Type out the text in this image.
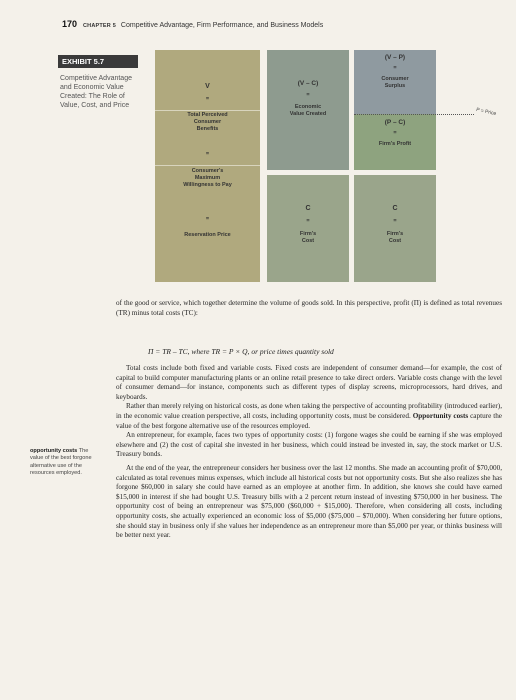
170 CHAPTER 5 Competitive Advantage, Firm Performance, and Business Models
EXHIBIT 5.7
Competitive Advantage and Economic Value Created: The Role of Value, Cost, and Price
V
=
Total Perceived Consumer Benefits
=
Consumer's Maximum Willingness to Pay
=
Reservation Price
(V – C)
=
Economic Value Created
C
=
Firm's Cost
(V – P)
=
Consumer Surplus
(P – C)
=
Firm's Profit
C
=
Firm's Cost
P = Price
of the good or service, which together determine the volume of goods sold. In this perspective, profit (Π) is defined as total revenues (TR) minus total costs (TC):
Π = TR – TC, where TR = P × Q, or price times quantity sold

Total costs include both fixed and variable costs. Fixed costs are independent of consumer demand—for example, the cost of capital to build computer manufacturing plants or an online retail presence to take direct orders. Variable costs change with the level of consumer demand—for instance, components such as different types of display screens, microprocessors, hard drives, and keyboards.

Rather than merely relying on historical costs, as done when taking the perspective of accounting profitability (introduced earlier), in the economic value creation perspective, all costs, including opportunity costs, must be considered. Opportunity costs capture the value of the best forgone alternative use of the resources employed.

An entrepreneur, for example, faces two types of opportunity costs: (1) forgone wages she could be earning if she was employed elsewhere and (2) the cost of capital she invested in her business, which could instead be invested in, say, the stock market or U.S. Treasury bonds.

At the end of the year, the entrepreneur considers her business over the last 12 months. She made an accounting profit of $70,000, calculated as total revenues minus expenses, which include all historical costs but not opportunity costs. But she also realizes she has forgone $60,000 in salary she could have earned as an employee at another firm. In addition, she knows she could have earned $15,000 in interest if she had bought U.S. Treasury bills with a 2 percent return instead of investing $750,000 in her business. The opportunity cost of being an entrepreneur was $75,000 ($60,000 + $15,000). Therefore, when considering all costs, including opportunity costs, she actually experienced an economic loss of $5,000 ($75,000 – $70,000). When considering her future options, she should stay in business only if she values her independence as an entrepreneur more than $5,000 per year, or thinks business will be better next year.

opportunity costs The value of the best forgone alternative use of the resources employed.
